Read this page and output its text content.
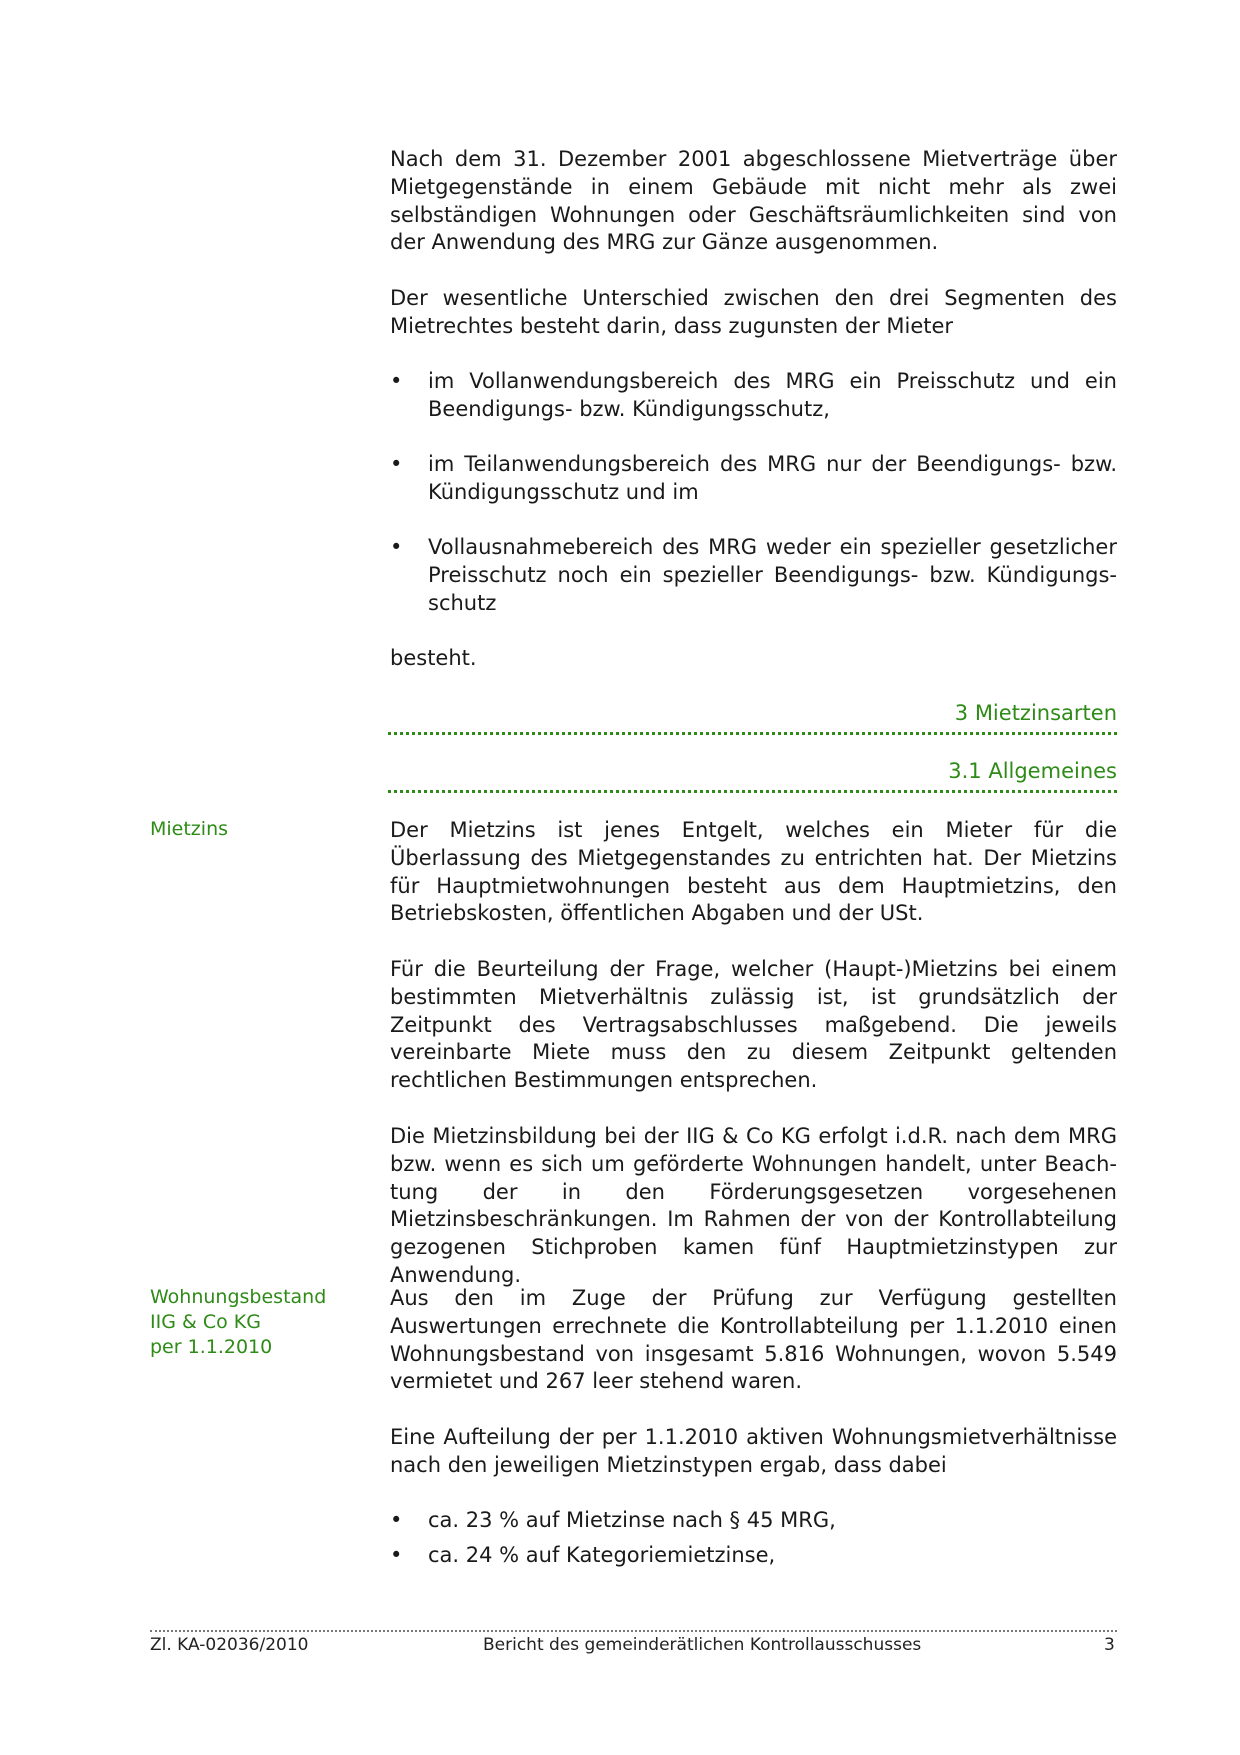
Nach dem 31. Dezember 2001 abgeschlossene Mietverträge über Mietgegenstände in einem Gebäude mit nicht mehr als zwei selbständigen Wohnungen oder Geschäftsräumlichkeiten sind von der Anwendung des MRG zur Gänze ausgenommen.

Der wesentliche Unterschied zwischen den drei Segmenten des Mietrechtes besteht darin, dass zugunsten der Mieter

•	im Vollanwendungsbereich des MRG ein Preisschutz und ein Beendigungs- bzw. Kündigungsschutz,
•	im Teilanwendungsbereich des MRG nur der Beendigungs- bzw. Kündigungsschutz und im
•	Vollausnahmebereich des MRG weder ein spezieller gesetzlicher Preisschutz noch ein spezieller Beendigungs- bzw. Kündigungsschutz

besteht.

3 Mietzinsarten
3.1 Allgemeines
Mietzins	Der Mietzins ist jenes Entgelt, welches ein Mieter für die Überlassung des Mietgegenstandes zu entrichten hat. Der Mietzins für Hauptmietwohnungen besteht aus dem Hauptmietzins, den Betriebskosten, öffentlichen Abgaben und der USt.

Für die Beurteilung der Frage, welcher (Haupt-)Mietzins bei einem bestimmten Mietverhältnis zulässig ist, ist grundsätzlich der Zeitpunkt des Vertragsabschlusses maßgebend. Die jeweils vereinbarte Miete muss den zu diesem Zeitpunkt geltenden rechtlichen Bestimmungen entsprechen.

Die Mietzinsbildung bei der IIG & Co KG erfolgt i.d.R. nach dem MRG bzw. wenn es sich um geförderte Wohnungen handelt, unter Beachtung der in den Förderungsgesetzen vorgesehenen Mietzinsbeschränkungen. Im Rahmen der von der Kontrollabteilung gezogenen Stichproben kamen fünf Hauptmietzinstypen zur Anwendung.

Wohnungsbestand
IIG & Co KG
per 1.1.2010

Aus den im Zuge der Prüfung zur Verfügung gestellten Auswertungen errechnete die Kontrollabteilung per 1.1.2010 einen Wohnungsbestand von insgesamt 5.816 Wohnungen, wovon 5.549 vermietet und 267 leer stehend waren.

Eine Aufteilung der per 1.1.2010 aktiven Wohnungsmietverhältnisse nach den jeweiligen Mietzinstypen ergab, dass dabei

•	ca. 23 % auf Mietzinse nach § 45 MRG,
•	ca. 24 % auf Kategoriemietzinse,
Zl. KA-02036/2010	Bericht des gemeinderätlichen Kontrollausschusses	3
